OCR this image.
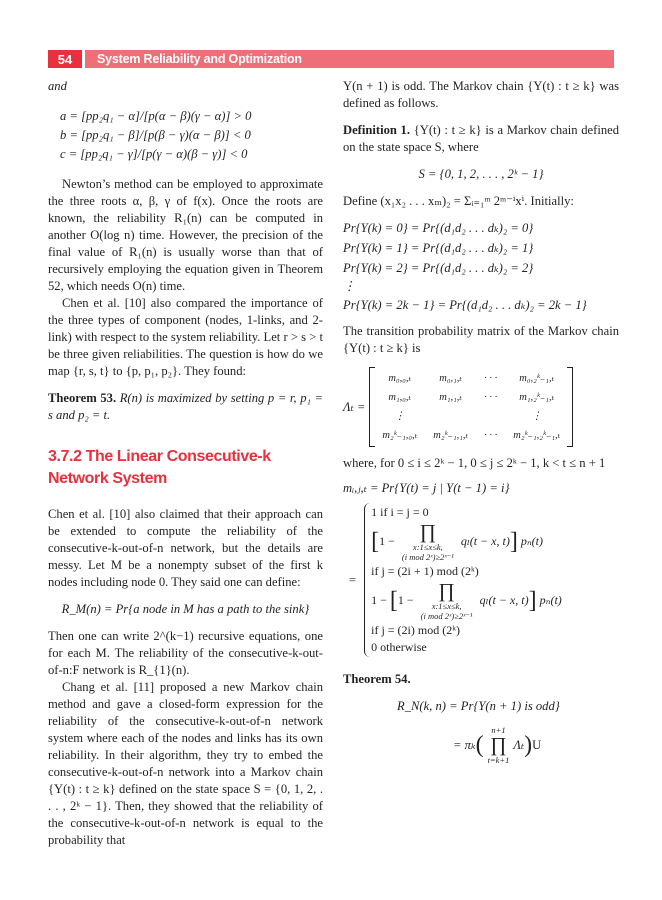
54	System Reliability and Optimization

and

a = [pp₂q₁ − α]/[p(α − β)(γ − α)] > 0
b = [pp₂q₁ − β]/[p(β − γ)(α − β)] < 0
c = [pp₂q₁ − γ]/[p(γ − α)(β − γ)] < 0

Newton’s method can be employed to approximate the three roots α, β, γ of f(x). Once the roots are known, the reliability R₁(n) can be computed in another O(log n) time. However, the precision of the final value of R₁(n) is usually worse than that of recursively employing the equation given in Theorem 52, which needs O(n) time.

Chen et al. [10] also compared the importance of the three types of component (nodes, 1-links, and 2-link) with respect to the system reliability. Let r > s > t be three given reliabilities. The question is how do we map {r, s, t} to {p, p₁, p₂}. They found:

Theorem 53. R(n) is maximized by setting p = r, p₁ = s and p₂ = t.

3.7.2 The Linear Consecutive-k Network System

Chen et al. [10] also claimed that their approach can be extended to compute the reliability of the consecutive-k-out-of-n network, but the details are messy. Let M be a nonempty subset of the first k nodes including node 0. They said one can define:

R_M(n) = Pr{a node in M has a path to the sink}

Then one can write 2^(k−1) recursive equations, one for each M. The reliability of the consecutive-k-out-of-n:F network is R_{1}(n).

Chang et al. [11] proposed a new Markov chain method and gave a closed-form expression for the reliability of the consecutive-k-out-of-n network system where each of the nodes and links has its own reliability. In their algorithm, they try to embed the consecutive-k-out-of-n network into a Markov chain {Y(t) : t ≥ k} defined on the state space S = {0, 1, 2, . . . , 2ᵏ − 1}. Then, they showed that the reliability of the consecutive-k-out-of-n network is equal to the probability that

Y(n + 1) is odd. The Markov chain {Y(t) : t ≥ k} was defined as follows.

Definition 1. {Y(t) : t ≥ k} is a Markov chain defined on the state space S, where

S = {0, 1, 2, . . . , 2ᵏ − 1}

Define (x₁x₂ . . . xₘ)₂ = Σᵢ₌₁ᵐ 2ᵐ⁻ⁱxⁱ. Initially:

Pr{Y(k) = 0} = Pr{(d₁d₂ . . . dₖ)₂ = 0}
Pr{Y(k) = 1} = Pr{(d₁d₂ . . . dₖ)₂ = 1}
Pr{Y(k) = 2} = Pr{(d₁d₂ . . . dₖ)₂ = 2}
⋮
Pr{Y(k) = 2k − 1} = Pr{(d₁d₂ . . . dₖ)₂ = 2k − 1}

The transition probability matrix of the Markov chain {Y(t) : t ≥ k} is

Λₜ =
m₀,₀,ₜ	m₀,₁,ₜ	· · ·	m₀,₂ᵏ₋₁,ₜ
m₁,₀,ₜ	m₁,₁,ₜ	· · ·	m₁,₂ᵏ₋₁,ₜ
⋮			⋮
m₂ᵏ₋₁,₀,ₜ	m₂ᵏ₋₁,₁,ₜ	· · ·	m₂ᵏ₋₁,₂ᵏ₋₁,ₜ

where, for 0 ≤ i ≤ 2ᵏ − 1, 0 ≤ j ≤ 2ᵏ − 1, k < t ≤ n + 1

mᵢ,ⱼ,ₜ = Pr{Y(t) = j | Y(t − 1) = i}
=
1 if i = j = 0
[1 − ∏
x:1≤x≤k,
(i mod 2ˣ)≥2ˣ⁻¹
qₗ(t − x, t)] pₙ(t)
if j = (2i + 1) mod (2ᵏ)
1 − [1 − ∏
x:1≤x≤k,
(i mod 2ˣ)≥2ˣ⁻¹
qₗ(t − x, t)] pₙ(t)
if j = (2i) mod (2ᵏ)
0 otherwise

Theorem 54.

R_N(k, n) = Pr{Y(n + 1) is odd}
= πₖ (
n+1
∏
t=k+1
Λₜ ) U
